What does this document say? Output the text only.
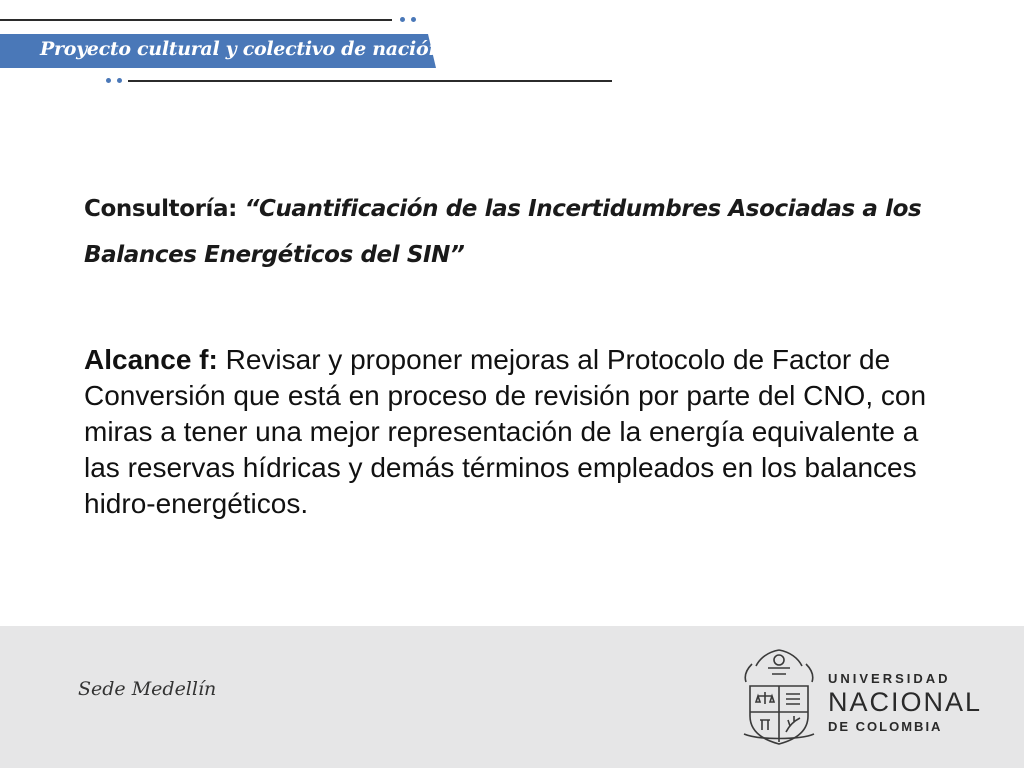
Proyecto cultural y colectivo de nación
Consultoría: “Cuantificación de las Incertidumbres Asociadas a los Balances Energéticos del SIN”
Alcance f: Revisar y proponer mejoras al Protocolo de Factor de Conversión que está en proceso de revisión por parte del CNO, con miras a tener una mejor representación de la energía equivalente a las reservas hídricas y demás términos empleados en los balances hidro-energéticos.
Sede Medellín	UNIVERSIDAD
NACIONAL
DE COLOMBIA
